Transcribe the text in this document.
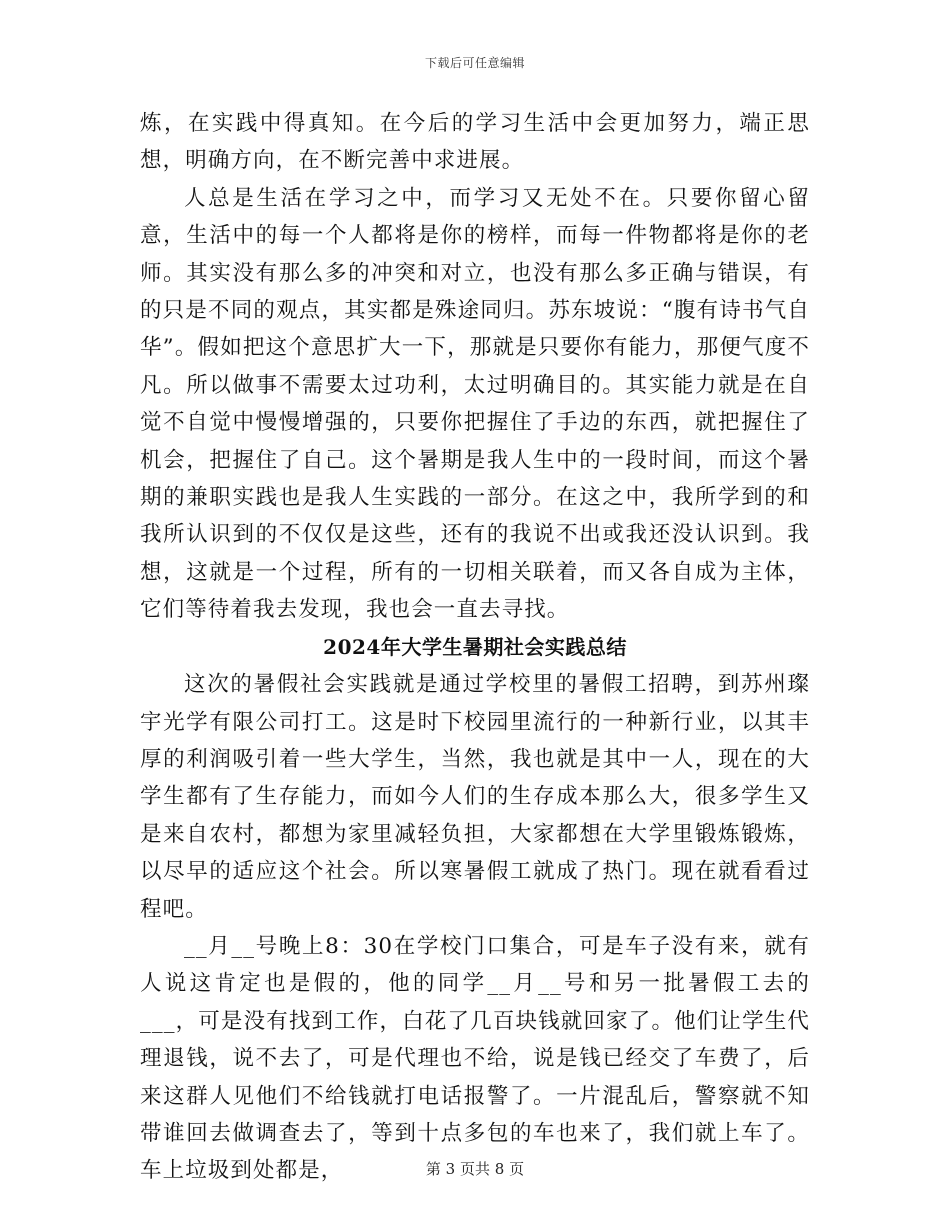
下载后可任意编辑

炼，在实践中得真知。在今后的学习生活中会更加努力，端正思想，明确方向，在不断完善中求进展。

人总是生活在学习之中，而学习又无处不在。只要你留心留意，生活中的每一个人都将是你的榜样，而每一件物都将是你的老师。其实没有那么多的冲突和对立，也没有那么多正确与错误，有的只是不同的观点，其实都是殊途同归。苏东坡说：“腹有诗书气自华”。假如把这个意思扩大一下，那就是只要你有能力，那便气度不凡。所以做事不需要太过功利，太过明确目的。其实能力就是在自觉不自觉中慢慢增强的，只要你把握住了手边的东西，就把握住了机会，把握住了自己。这个暑期是我人生中的一段时间，而这个暑期的兼职实践也是我人生实践的一部分。在这之中，我所学到的和我所认识到的不仅仅是这些，还有的我说不出或我还没认识到。我想，这就是一个过程，所有的一切相关联着，而又各自成为主体，它们等待着我去发现，我也会一直去寻找。

2024年大学生暑期社会实践总结

这次的暑假社会实践就是通过学校里的暑假工招聘，到苏州璨宇光学有限公司打工。这是时下校园里流行的一种新行业，以其丰厚的利润吸引着一些大学生，当然，我也就是其中一人，现在的大学生都有了生存能力，而如今人们的生存成本那么大，很多学生又是来自农村，都想为家里减轻负担，大家都想在大学里锻炼锻炼，以尽早的适应这个社会。所以寒暑假工就成了热门。现在就看看过程吧。

__月__号晚上8：30在学校门口集合，可是车子没有来，就有人说这肯定也是假的，他的同学__月__号和另一批暑假工去的___，可是没有找到工作，白花了几百块钱就回家了。他们让学生代理退钱，说不去了，可是代理也不给，说是钱已经交了车费了，后来这群人见他们不给钱就打电话报警了。一片混乱后，警察就不知带谁回去做调查去了，等到十点多包的车也来了，我们就上车了。车上垃圾到处都是，	第 3 页共 8 页
